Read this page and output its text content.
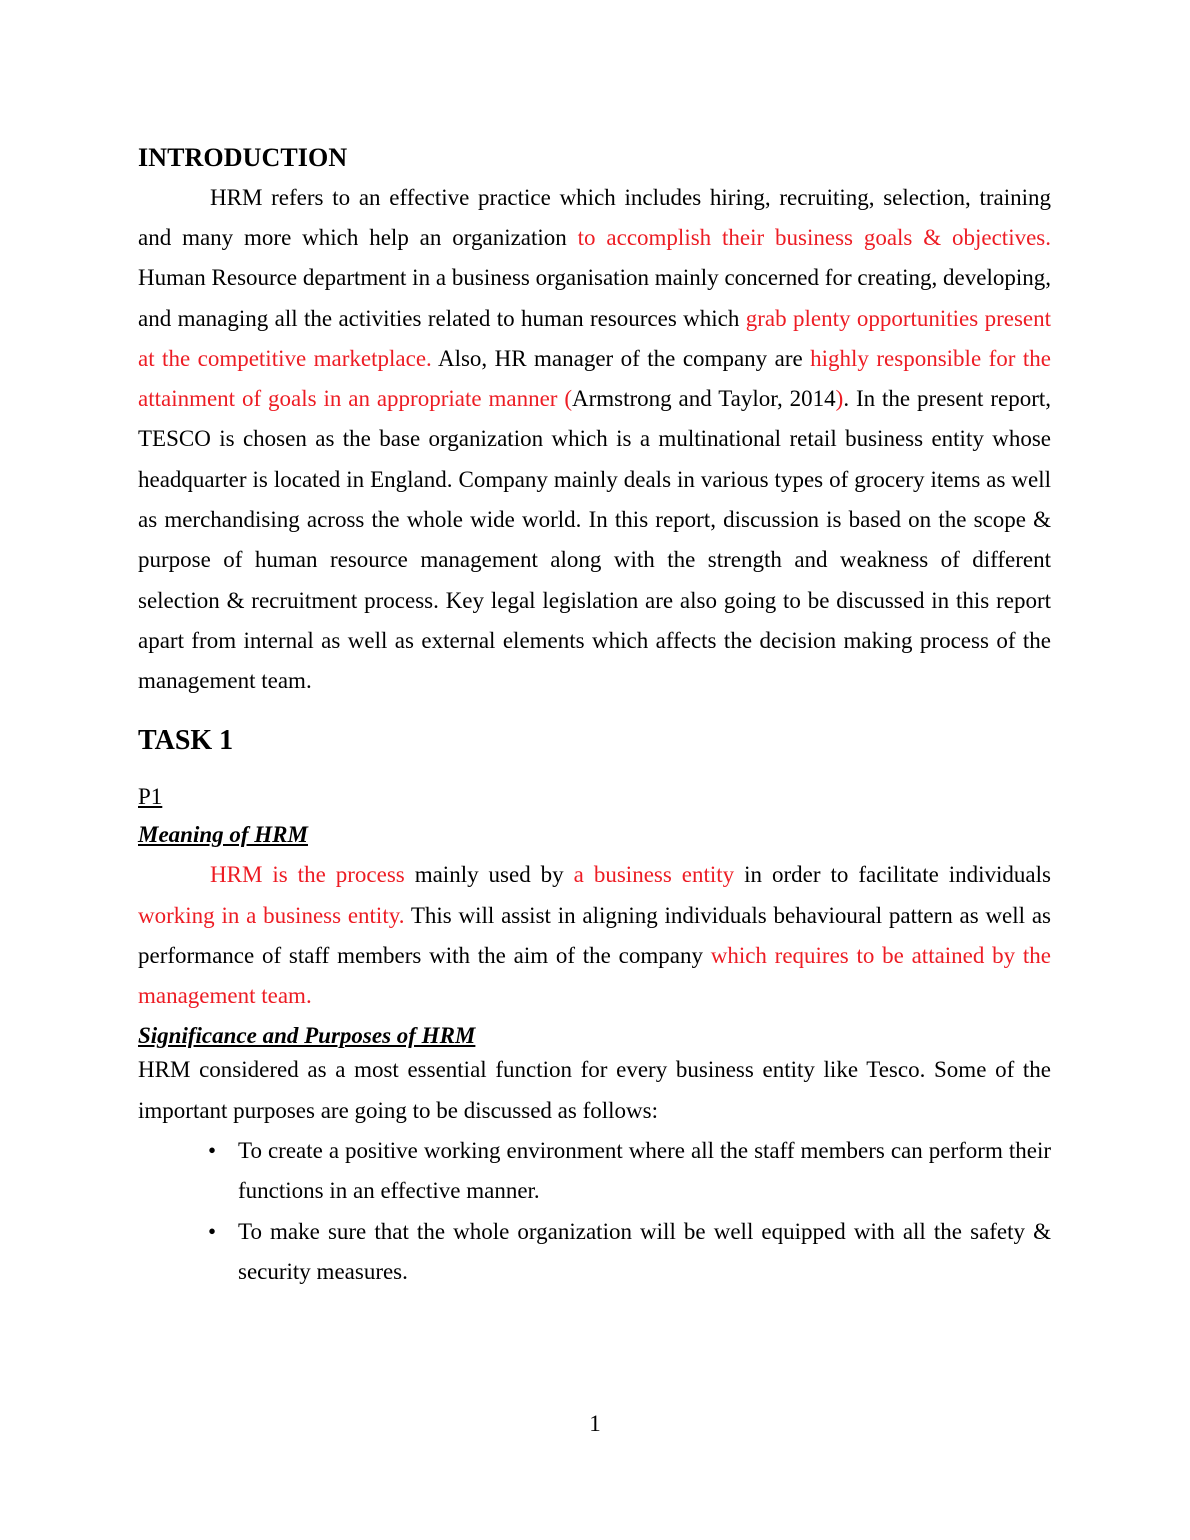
INTRODUCTION

HRM refers to an effective practice which includes hiring, recruiting, selection, training and many more which help an organization to accomplish their business goals & objectives. Human Resource department in a business organisation mainly concerned for creating, developing, and managing all the activities related to human resources which grab plenty opportunities present at the competitive marketplace. Also, HR manager of the company are highly responsible for the attainment of goals in an appropriate manner (Armstrong and Taylor, 2014). In the present report, TESCO is chosen as the base organization which is a multinational retail business entity whose headquarter is located in England. Company mainly deals in various types of grocery items as well as merchandising across the whole wide world. In this report, discussion is based on the scope & purpose of human resource management along with the strength and weakness of different selection & recruitment process. Key legal legislation are also going to be discussed in this report apart from internal as well as external elements which affects the decision making process of the management team.

TASK 1
P1
Meaning of HRM

HRM is the process mainly used by a business entity in order to facilitate individuals working in a business entity. This will assist in aligning individuals behavioural pattern as well as performance of staff members with the aim of the company which requires to be attained by the management team.

Significance and Purposes of HRM

HRM considered as a most essential function for every business entity like Tesco. Some of the important purposes are going to be discussed as follows:

• To create a positive working environment where all the staff members can perform their functions in an effective manner.
• To make sure that the whole organization will be well equipped with all the safety & security measures.
1
